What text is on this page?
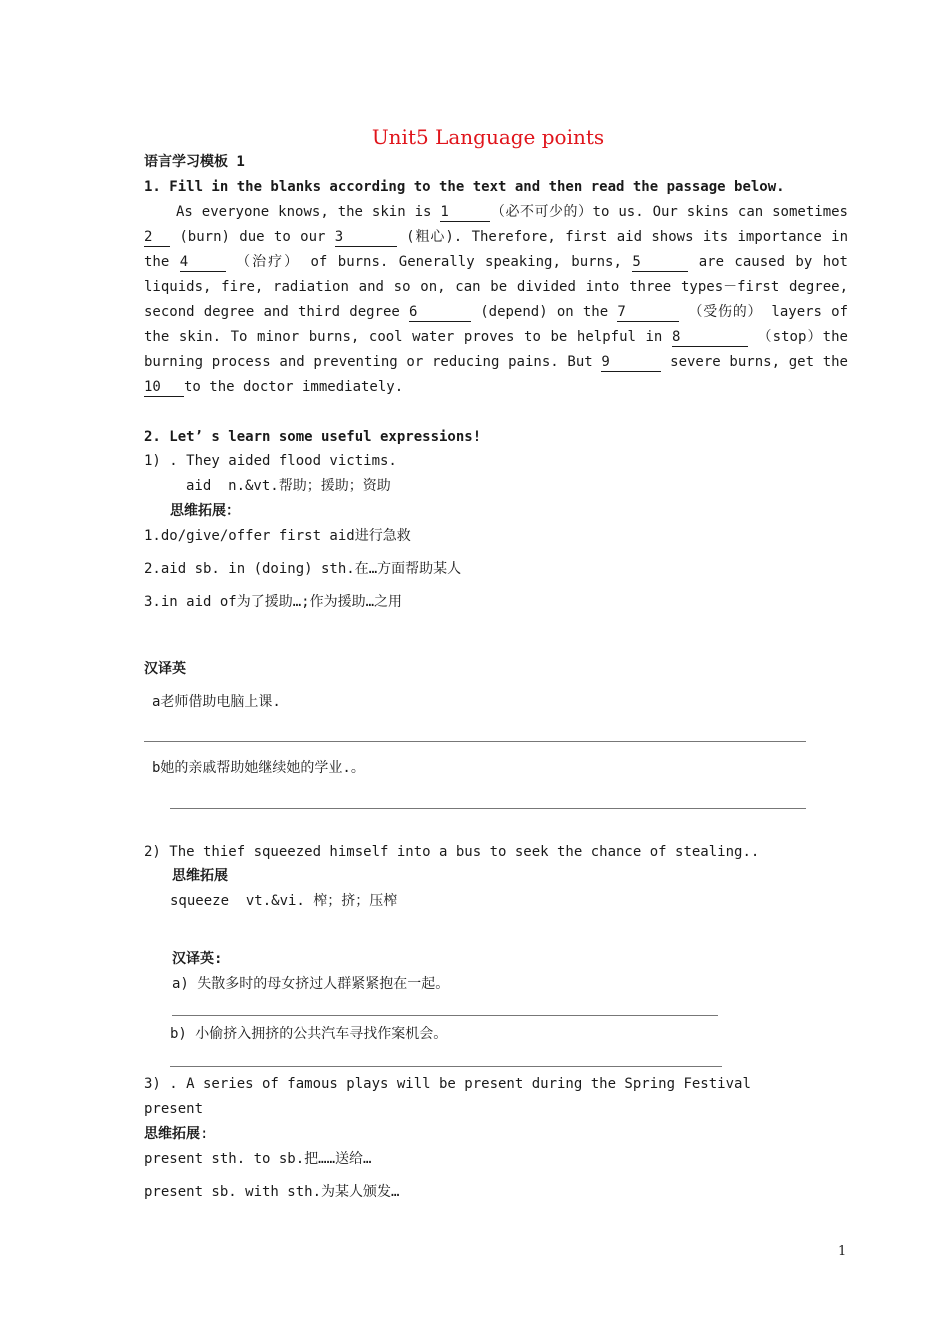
Unit5 Language points
语言学习模板 1
1. Fill in the blanks according to the text and then read the passage below.
As everyone knows, the skin is 1	（必不可少的）to us. Our skins can sometimes
2 (burn) due to our 3	(粗心). Therefore, first aid shows its importance in
the 4	（治疗） of burns. Generally speaking, burns, 5	are caused by hot
liquids, fire, radiation and so on, can be divided into three types－first degree,
second degree and third degree 6	(depend) on the 7	（受伤的） layers of
the skin. To minor burns, cool water proves to be helpful in 8	（stop）the
burning process and preventing or reducing pains. But 9	severe burns, get the
10 to the doctor immediately.
2. Let’ s learn some useful expressions!
1) . They aided flood victims.
aid  n.&vt.帮助；援助；资助
思维拓展：
1.do/give/offer first aid进行急救
2.aid sb. in (doing) sth.在…方面帮助某人
3.in aid of为了援助…;作为援助…之用
汉译英
a老师借助电脑上课.
b她的亲戚帮助她继续她的学业.。
2) The thief squeezed himself into a bus to seek the chance of stealing..
思维拓展
squeeze  vt.&vi. 榨；挤；压榨
汉译英:
a) 失散多时的母女挤过人群紧紧抱在一起。
b) 小偷挤入拥挤的公共汽车寻找作案机会。
3) . A series of famous plays will be present during the Spring Festival
present
思维拓展:
present sth. to sb.把……送给…
present sb. with sth.为某人颁发…
1
